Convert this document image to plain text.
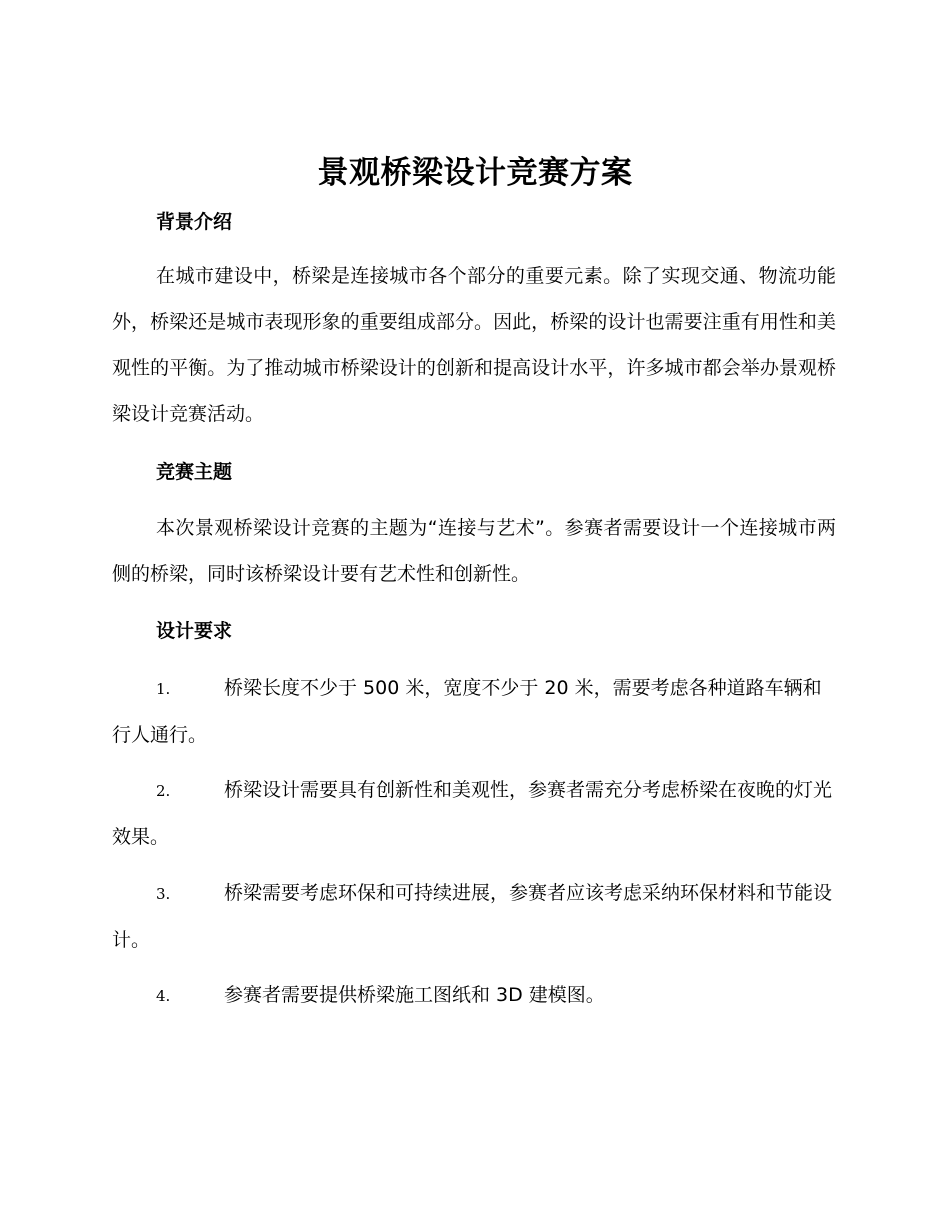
景观桥梁设计竞赛方案
背景介绍
在城市建设中，桥梁是连接城市各个部分的重要元素。除了实现交通、物流功能外，桥梁还是城市表现形象的重要组成部分。因此，桥梁的设计也需要注重有用性和美观性的平衡。为了推动城市桥梁设计的创新和提高设计水平，许多城市都会举办景观桥梁设计竞赛活动。
竞赛主题
本次景观桥梁设计竞赛的主题为“连接与艺术”。参赛者需要设计一个连接城市两侧的桥梁，同时该桥梁设计要有艺术性和创新性。
设计要求
1.	桥梁长度不少于 500 米，宽度不少于 20 米，需要考虑各种道路车辆和行人通行。
2.	桥梁设计需要具有创新性和美观性，参赛者需充分考虑桥梁在夜晚的灯光效果。
3.	桥梁需要考虑环保和可持续进展，参赛者应该考虑采纳环保材料和节能设计。
4.	参赛者需要提供桥梁施工图纸和 3D 建模图。
